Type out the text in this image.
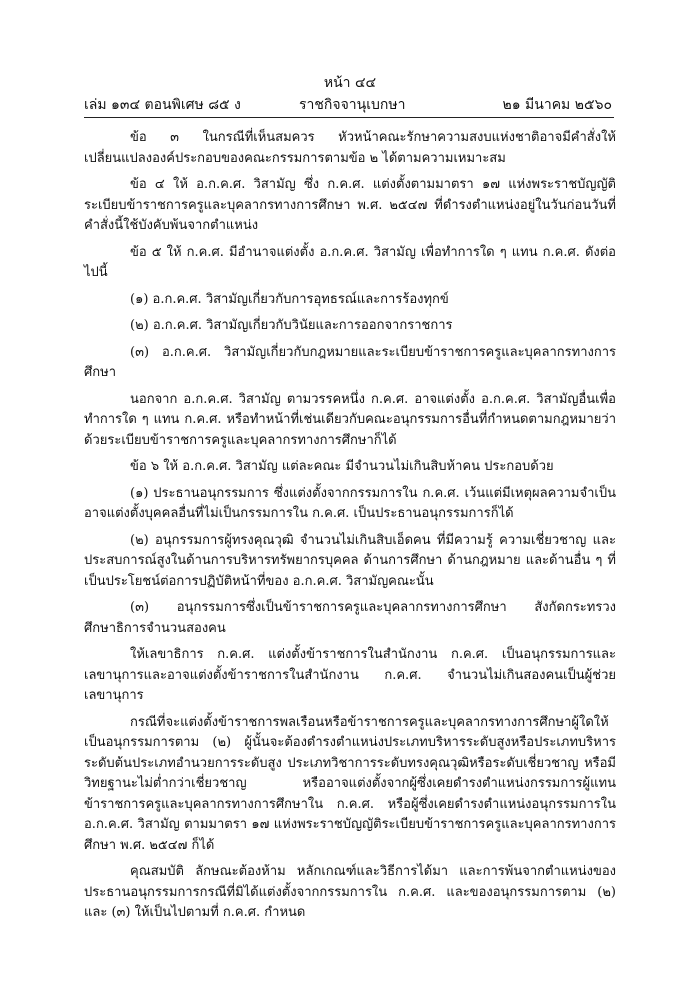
หน้า ๔๔
เล่ม ๑๓๔ ตอนพิเศษ ๘๕ ง	ราชกิจจานุเบกษา	๒๑ มีนาคม ๒๕๖๐

ข้อ ๓ ในกรณีที่เห็นสมควร หัวหน้าคณะรักษาความสงบแห่งชาติอาจมีคำสั่งให้เปลี่ยนแปลงองค์ประกอบของคณะกรรมการตามข้อ ๒ ได้ตามความเหมาะสม

ข้อ ๔ ให้ อ.ก.ค.ศ. วิสามัญ ซึ่ง ก.ค.ศ. แต่งตั้งตามมาตรา ๑๗ แห่งพระราชบัญญัติระเบียบข้าราชการครูและบุคลากรทางการศึกษา พ.ศ. ๒๕๔๗ ที่ดำรงตำแหน่งอยู่ในวันก่อนวันที่คำสั่งนี้ใช้บังคับพ้นจากตำแหน่ง

ข้อ ๕ ให้ ก.ค.ศ. มีอำนาจแต่งตั้ง อ.ก.ค.ศ. วิสามัญ เพื่อทำการใด ๆ แทน ก.ค.ศ. ดังต่อไปนี้

(๑) อ.ก.ค.ศ. วิสามัญเกี่ยวกับการอุทธรณ์และการร้องทุกข์

(๒) อ.ก.ค.ศ. วิสามัญเกี่ยวกับวินัยและการออกจากราชการ

(๓) อ.ก.ค.ศ. วิสามัญเกี่ยวกับกฎหมายและระเบียบข้าราชการครูและบุคลากรทางการศึกษา

นอกจาก อ.ก.ค.ศ. วิสามัญ ตามวรรคหนึ่ง ก.ค.ศ. อาจแต่งตั้ง อ.ก.ค.ศ. วิสามัญอื่นเพื่อทำการใด ๆ แทน ก.ค.ศ. หรือทำหน้าที่เช่นเดียวกับคณะอนุกรรมการอื่นที่กำหนดตามกฎหมายว่าด้วยระเบียบข้าราชการครูและบุคลากรทางการศึกษาก็ได้

ข้อ ๖ ให้ อ.ก.ค.ศ. วิสามัญ แต่ละคณะ มีจำนวนไม่เกินสิบห้าคน ประกอบด้วย

(๑) ประธานอนุกรรมการ ซึ่งแต่งตั้งจากกรรมการใน ก.ค.ศ. เว้นแต่มีเหตุผลความจำเป็นอาจแต่งตั้งบุคคลอื่นที่ไม่เป็นกรรมการใน ก.ค.ศ. เป็นประธานอนุกรรมการก็ได้

(๒) อนุกรรมการผู้ทรงคุณวุฒิ จำนวนไม่เกินสิบเอ็ดคน ที่มีความรู้ ความเชี่ยวชาญ และประสบการณ์สูงในด้านการบริหารทรัพยากรบุคคล ด้านการศึกษา ด้านกฎหมาย และด้านอื่น ๆ ที่เป็นประโยชน์ต่อการปฏิบัติหน้าที่ของ อ.ก.ค.ศ. วิสามัญคณะนั้น

(๓) อนุกรรมการซึ่งเป็นข้าราชการครูและบุคลากรทางการศึกษา สังกัดกระทรวงศึกษาธิการจำนวนสองคน

ให้เลขาธิการ ก.ค.ศ. แต่งตั้งข้าราชการในสำนักงาน ก.ค.ศ. เป็นอนุกรรมการและเลขานุการและอาจแต่งตั้งข้าราชการในสำนักงาน ก.ค.ศ. จำนวนไม่เกินสองคนเป็นผู้ช่วยเลขานุการ

กรณีที่จะแต่งตั้งข้าราชการพลเรือนหรือข้าราชการครูและบุคลากรทางการศึกษาผู้ใดให้เป็นอนุกรรมการตาม (๒) ผู้นั้นจะต้องดำรงตำแหน่งประเภทบริหารระดับสูงหรือประเภทบริหารระดับต้นประเภทอำนวยการระดับสูง ประเภทวิชาการระดับทรงคุณวุฒิหรือระดับเชี่ยวชาญ หรือมีวิทยฐานะไม่ต่ำกว่าเชี่ยวชาญ หรืออาจแต่งตั้งจากผู้ซึ่งเคยดำรงตำแหน่งกรรมการผู้แทนข้าราชการครูและบุคลากรทางการศึกษาใน ก.ค.ศ. หรือผู้ซึ่งเคยดำรงตำแหน่งอนุกรรมการใน อ.ก.ค.ศ. วิสามัญ ตามมาตรา ๑๗ แห่งพระราชบัญญัติระเบียบข้าราชการครูและบุคลากรทางการศึกษา พ.ศ. ๒๕๔๗ ก็ได้

คุณสมบัติ ลักษณะต้องห้าม หลักเกณฑ์และวิธีการได้มา และการพ้นจากตำแหน่งของประธานอนุกรรมการกรณีที่มิได้แต่งตั้งจากกรรมการใน ก.ค.ศ. และของอนุกรรมการตาม (๒) และ (๓) ให้เป็นไปตามที่ ก.ค.ศ. กำหนด
